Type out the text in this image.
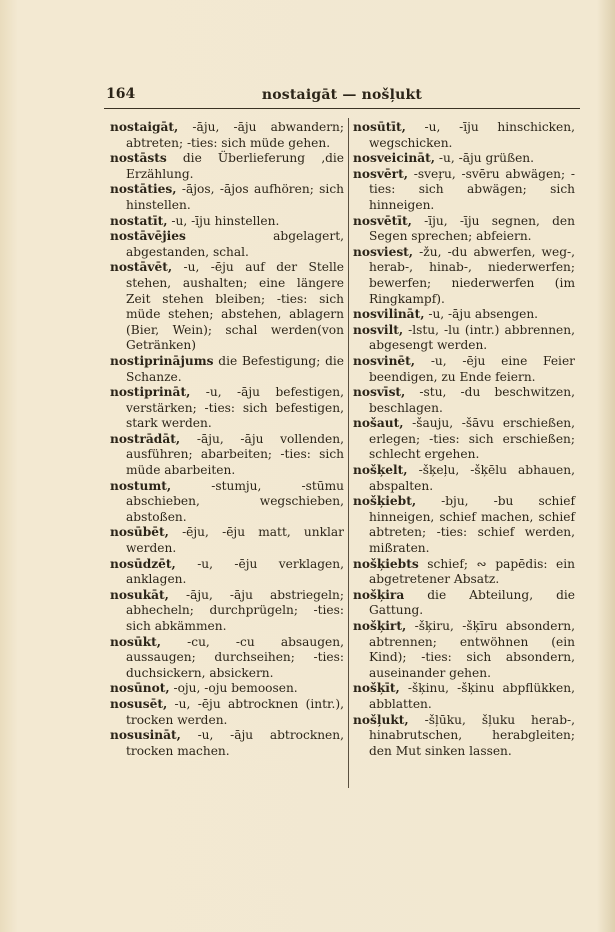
164	nostaigāt — nošļukt

nostaigāt, -āju, -āju abwandern; abtreten; -ties: sich müde gehen.

nostāsts die Überlieferung ‚die Erzählung.

nostāties, -ājos, -ājos aufhören; sich hinstellen.

nostatīt, -u, -īju hinstellen.

nostāvējies abgelagert, abgestanden, schal.

nostāvēt, -u, -ēju auf der Stelle stehen, aushalten; eine längere Zeit stehen bleiben; -ties: sich müde stehen; abstehen, ablagern (Bier, Wein); schal werden(von Getränken)

nostiprinājums die Befestigung; die Schanze.

nostiprināt, -u, -āju befestigen, verstärken; -ties: sich befestigen, stark werden.

nostrādāt, -āju, -āju vollenden, ausführen; abarbeiten; -ties: sich müde abarbeiten.

nostumt, -stumju, -stūmu abschieben, wegschieben, abstoßen.

nosūbēt, -ēju, -ēju matt, unklar werden.

nosūdzēt, -u, -ēju verklagen, anklagen.

nosukāt, -āju, -āju abstriegeln; abhecheln; durchprügeln; -ties: sich abkämmen.

nosūkt, -cu, -cu absaugen, aussaugen; durchseihen; -ties: duchsickern, absickern.

nosūnot, -oju, -oju bemoosen.

nosusēt, -u, -ēju abtrocknen (intr.), trocken werden.

nosusināt, -u, -āju abtrocknen, trocken machen.

nosūtīt, -u, -īju hinschicken, wegschicken.

nosveicināt, -u, -āju grüßen.

nosvērt, -sveŗu, -svēru abwägen; -ties: sich abwägen; sich hinneigen.

nosvētīt, -īju, -īju segnen, den Segen sprechen; abfeiern.

nosviest, -žu, -du abwerfen, weg-, herab-, hinab-, niederwerfen; bewerfen; niederwerfen (im Ringkampf).

nosvilināt, -u, -āju absengen.

nosvilt, -lstu, -lu (intr.) abbrennen, abgesengt werden.

nosvinēt, -u, -ēju eine Feier beendigen, zu Ende feiern.

nosvīst, -stu, -du beschwitzen, beschlagen.

nošaut, -šauju, -šāvu erschießen, erlegen; -ties: sich erschießen; schlecht ergehen.

nošķelt, -šķeļu, -šķēlu abhauen, abspalten.

nošķiebt, -bju, -bu schief hinneigen, schief machen, schief abtreten; -ties: schief werden, mißraten.

nošķiebts schief; ∾ papēdis: ein abgetretener Absatz.

nošķira die Abteilung, die Gattung.

nošķirt, -šķiru, -šķīru absondern, abtrennen; entwöhnen (ein Kind); -ties: sich absondern, auseinander gehen.

nošķīt, -šķinu, -šķinu abpflükken, abblatten.

nošļukt, -šļūku, šļuku herab-, hinabrutschen, herabgleiten; den Mut sinken lassen.
